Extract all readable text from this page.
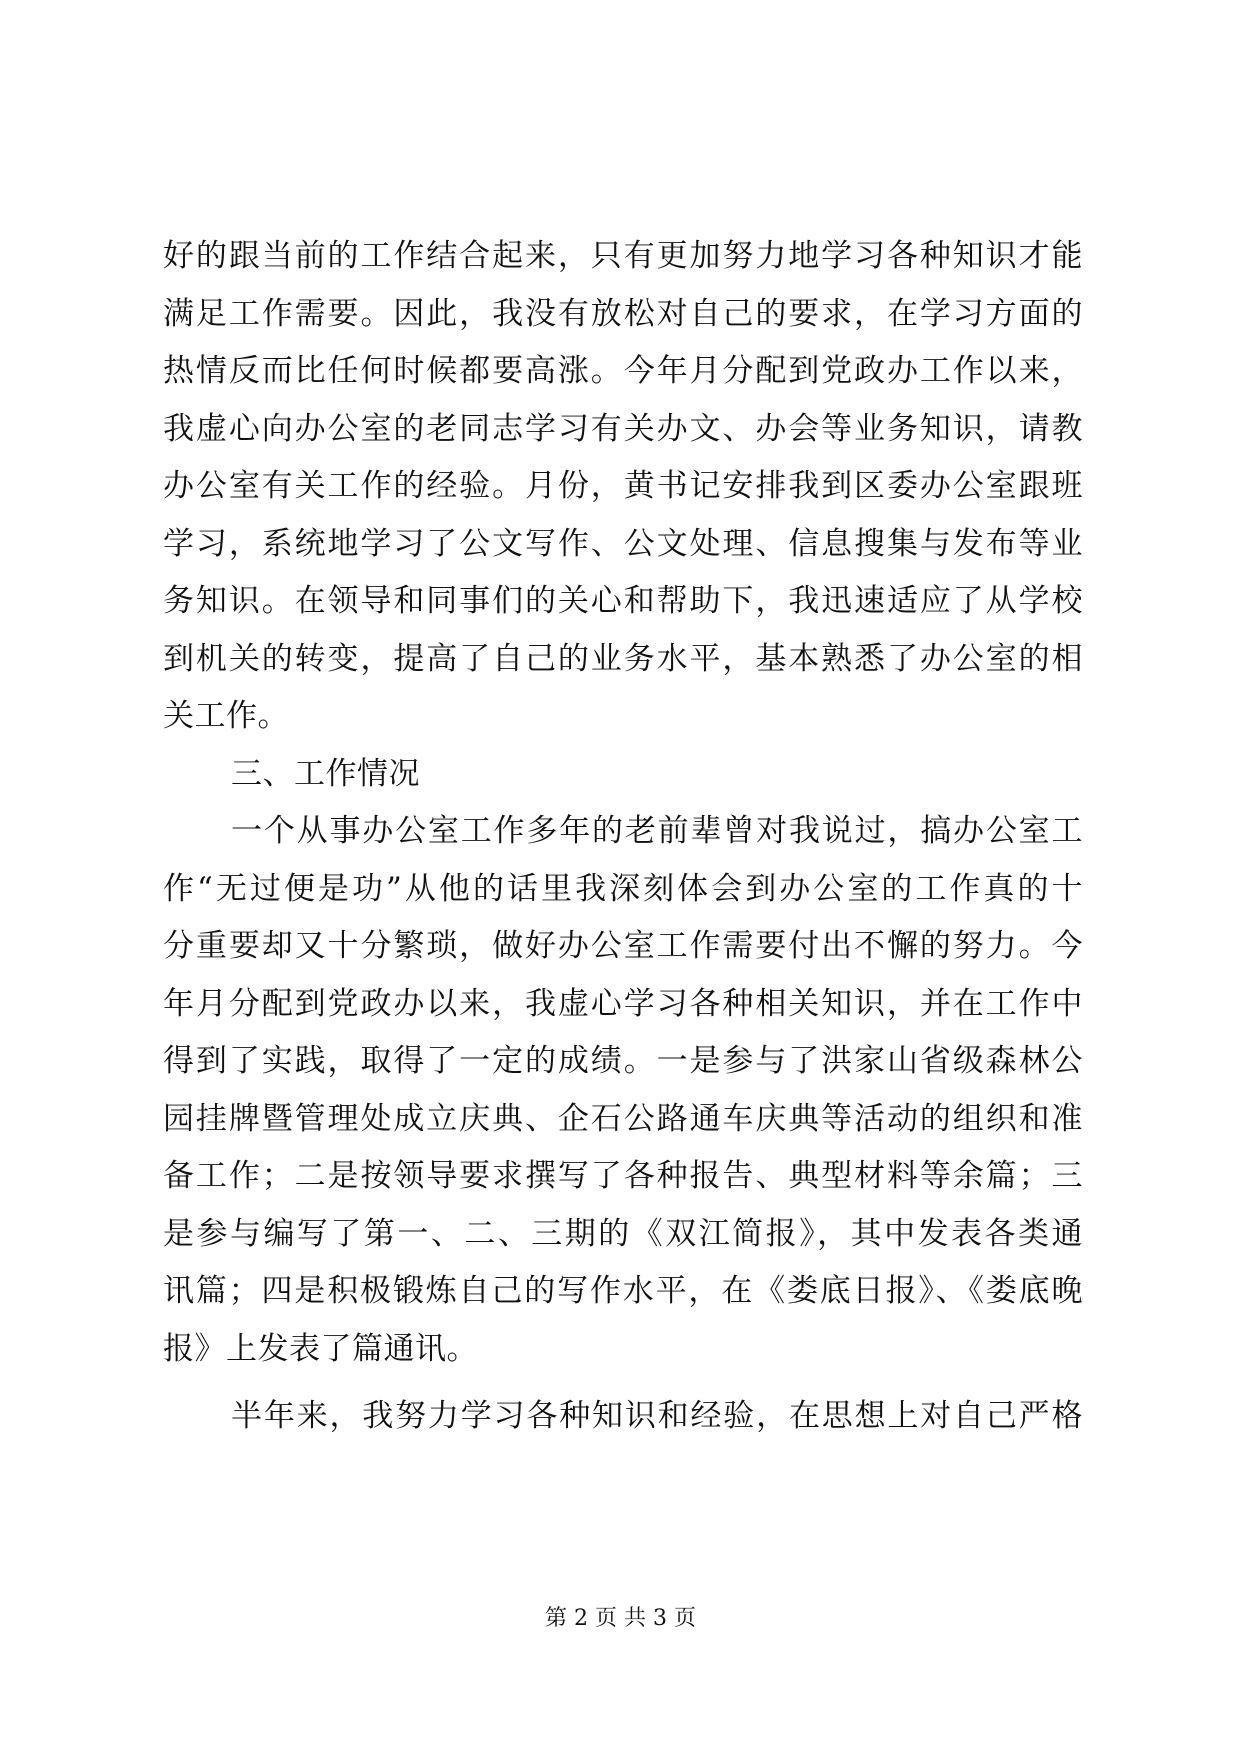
好的跟当前的工作结合起来，只有更加努力地学习各种知识才能
满足工作需要。因此，我没有放松对自己的要求，在学习方面的
热情反而比任何时候都要高涨。今年月分配到党政办工作以来，
我虚心向办公室的老同志学习有关办文、办会等业务知识，请教
办公室有关工作的经验。月份，黄书记安排我到区委办公室跟班
学习，系统地学习了公文写作、公文处理、信息搜集与发布等业
务知识。在领导和同事们的关心和帮助下，我迅速适应了从学校
到机关的转变，提高了自己的业务水平，基本熟悉了办公室的相
关工作。
三、工作情况
一个从事办公室工作多年的老前辈曾对我说过，搞办公室工
作“无过便是功”从他的话里我深刻体会到办公室的工作真的十
分重要却又十分繁琐，做好办公室工作需要付出不懈的努力。今
年月分配到党政办以来，我虚心学习各种相关知识，并在工作中
得到了实践，取得了一定的成绩。一是参与了洪家山省级森林公
园挂牌暨管理处成立庆典、企石公路通车庆典等活动的组织和准
备工作；二是按领导要求撰写了各种报告、典型材料等余篇；三
是参与编写了第一、二、三期的《双江简报》，其中发表各类通
讯篇；四是积极锻炼自己的写作水平，在《娄底日报》、《娄底晚
报》上发表了篇通讯。
半年来，我努力学习各种知识和经验，在思想上对自己严格
第 2 页 共 3 页
